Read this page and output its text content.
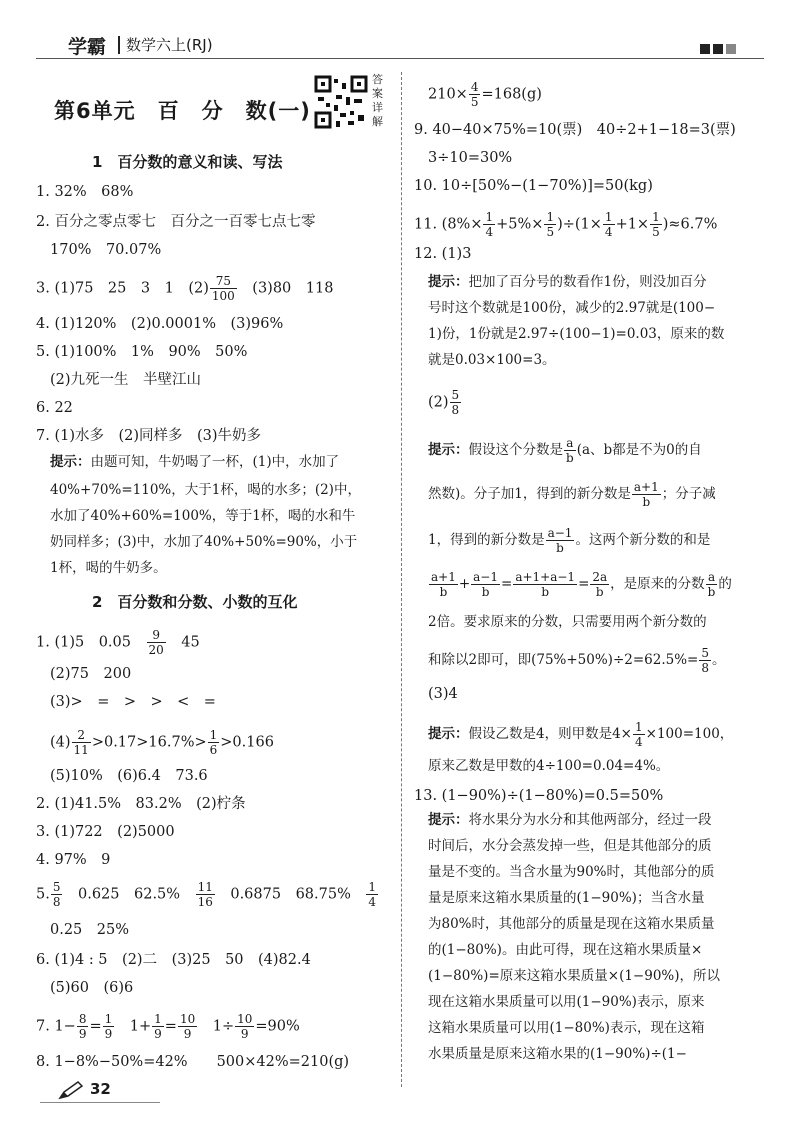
学霸 数学六上(RJ)
第6单元　百　分　数(一)
答案详解
1　百分数的意义和读、写法
1. 32%　68%
2. 百分之零点零七　百分之一百零七点七零
170%　70.07%
3. (1)75　25　3　1　$(2) \frac{75}{100}$ 　(3)80　118
4. (1)120%　(2)0.0001%　(3)96%
5. (1)100%　1%　90%　50%
(2)九死一生　半壁江山
6. 22
7. (1)水多　(2)同样多　(3)牛奶多
提示：由题可知，牛奶喝了一杯，(1)中，水加了
40%+70%=110%，大于1杯，喝的水多；(2)中，
水加了40%+60%=100%，等于1杯，喝的水和牛
奶同样多；(3)中，水加了40%+50%=90%，小于
1杯，喝的牛奶多。
2　百分数和分数、小数的互化
1. (1)5　0.05　 $\frac{9}{20}$ 　45
(2)75　200
(3)>　=　>　>　<　=
$(4) \frac{2}{11} >0.17>16.7\%> \frac{1}{6} >0.166$
(5)10%　(6)6.4　73.6
2. (1)41.5%　83.2%　(2)柠条
3. (1)722　(2)5000
4. 97%　9
5. $\frac{5}{8}$ 　0.625　62.5%　 $\frac{11}{16}$ 　0.6875　68.75%　 $\frac{1}{4}$
0.25　25%
6. (1)4 : 5　(2)二　(3)25　50　(4)82.4
(5)60　(6)6
7. $1- \frac{8}{9} = \frac{1}{9}$ 　$1+ \frac{1}{9} = \frac{10}{9}$ 　$1\div \frac{10}{9} =90\%$
8. 1−8%−50%=42%　　500×42%=210(g)
$210\times \frac{4}{5} =168(g)$
9. 40−40×75%=10(票)　40÷2+1−18=3(票)
3÷10=30%
10. 10÷[50%−(1−70%)]=50(kg)
11. $(8\%\times \frac{1}{4} +5\%\times \frac{1}{5} )\div(1\times \frac{1}{4} +1\times \frac{1}{5} )\approx 6.7\%$
12. (1)3
提示：把加了百分号的数看作1份，则没加百分
号时这个数就是100份，减少的2.97就是(100−
1)份，1份就是2.97÷(100−1)=0.03，原来的数
就是0.03×100=3。
$(2) \frac{5}{8}$
提示：假设这个分数是 $\frac{a}{b} (a$、b都是不为0的自
然数)。分子加1，得到的新分数是 $\frac{a+1}{b}$ ；分子减
1，得到的新分数是 $\frac{a-1}{b}$ 。这两个新分数的和是
$\frac{a+1}{b} + \frac{a-1}{b} = \frac{a+1+a-1}{b} = \frac{2a}{b}$ ，是原来的分数 $\frac{a}{b}$ 的
2倍。要求原来的分数，只需要用两个新分数的
和除以2即可，即$(75\%+50\%)\div 2=62.5\%= \frac{5}{8}$ 。
(3)4
提示：假设乙数是4，则甲数是$4\times \frac{1}{4} \times 100=100$，
原来乙数是甲数的4÷100=0.04=4%。
13. (1−90%)÷(1−80%)=0.5=50%
提示：将水果分为水分和其他两部分，经过一段
时间后，水分会蒸发掉一些，但是其他部分的质
量是不变的。当含水量为90%时，其他部分的质
量是原来这箱水果质量的(1−90%)；当含水量
为80%时，其他部分的质量是现在这箱水果质量
的(1−80%)。由此可得，现在这箱水果质量×
(1−80%)=原来这箱水果质量×(1−90%)，所以
现在这箱水果质量可以用(1−90%)表示，原来
这箱水果质量可以用(1−80%)表示，现在这箱
水果质量是原来这箱水果的(1−90%)÷(1−
32
